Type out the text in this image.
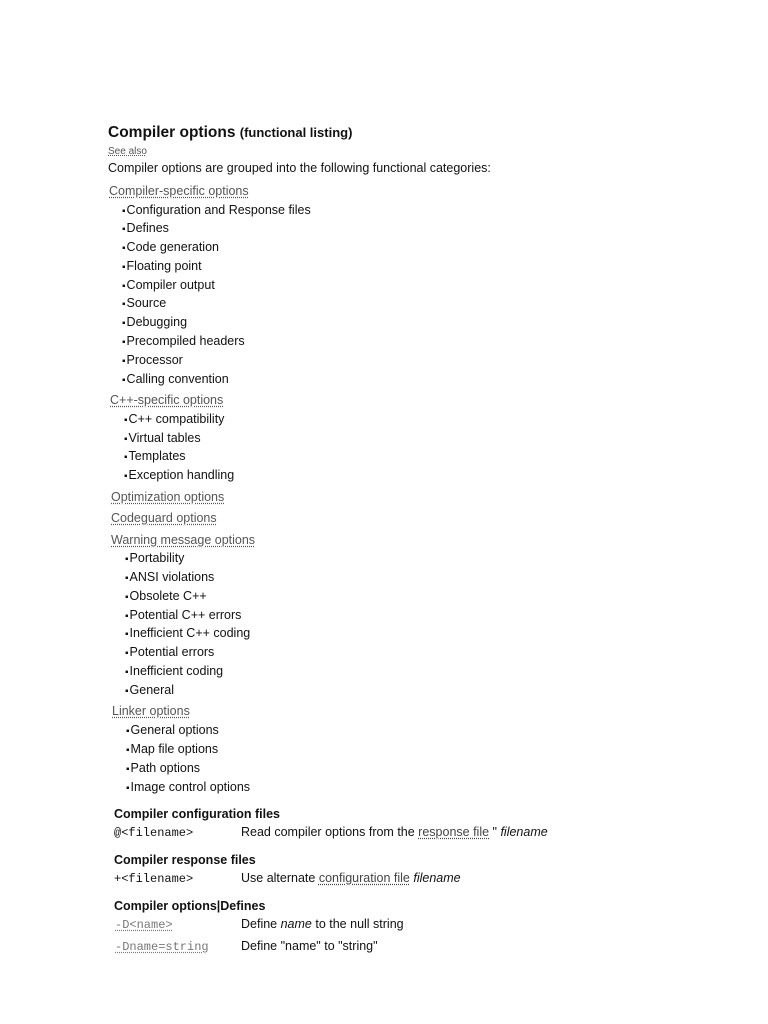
Compiler options (functional listing)
See also
Compiler options are grouped into the following functional categories:
Compiler-specific options
▪ Configuration and Response files
▪ Defines
▪ Code generation
▪ Floating point
▪ Compiler output
▪ Source
▪ Debugging
▪ Precompiled headers
▪ Processor
▪ Calling convention
C++-specific options
▪ C++ compatibility
▪ Virtual tables
▪ Templates
▪ Exception handling
Optimization options
Codeguard options
Warning message options
▪ Portability
▪ ANSI violations
▪ Obsolete C++
▪ Potential C++ errors
▪ Inefficient C++ coding
▪ Potential errors
▪ Inefficient coding
▪ General
Linker options
▪ General options
▪ Map file options
▪ Path options
▪ Image control options
Compiler configuration files
@<filename>	Read compiler options from the response file " filename
Compiler response files
+<filename>	Use alternate configuration file filename
Compiler options|Defines
-D<name>	Define name to the null string
-Dname=string	Define "name" to "string"
